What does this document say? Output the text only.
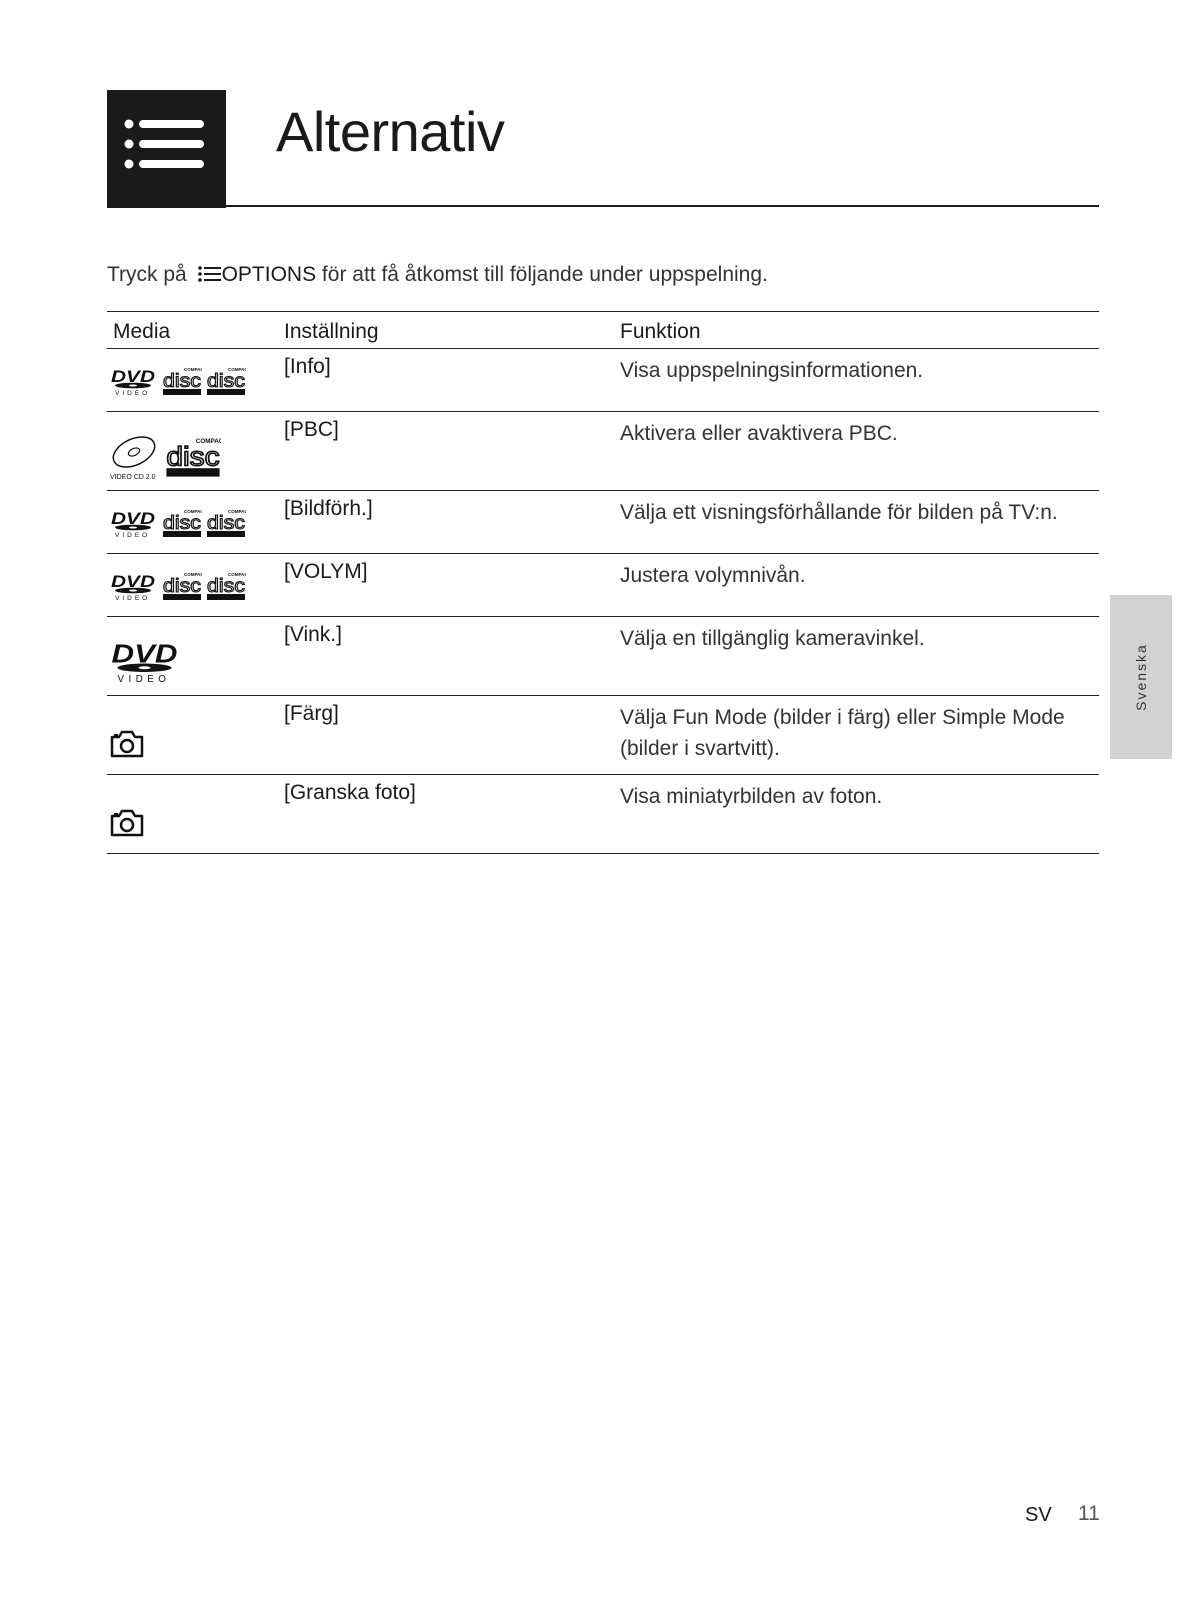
Alternativ
Tryck på OPTIONS för att få åtkomst till följande under uppspelning.
Media	Inställning	Funktion
[Info]	Visa uppspelningsinformationen.
VIDEO CD 2.0
[PBC]	Aktivera eller avaktivera PBC.
[Bildförh.]	Välja ett visningsförhållande för bilden på TV:n.
[VOLYM]	Justera volymnivån.
[Vink.]	Välja en tillgänglig kameravinkel.
[Färg]	Välja Fun Mode (bilder i färg) eller Simple Mode (bilder i svartvitt).
[Granska foto]	Visa miniatyrbilden av foton.
Svenska
SV 11
